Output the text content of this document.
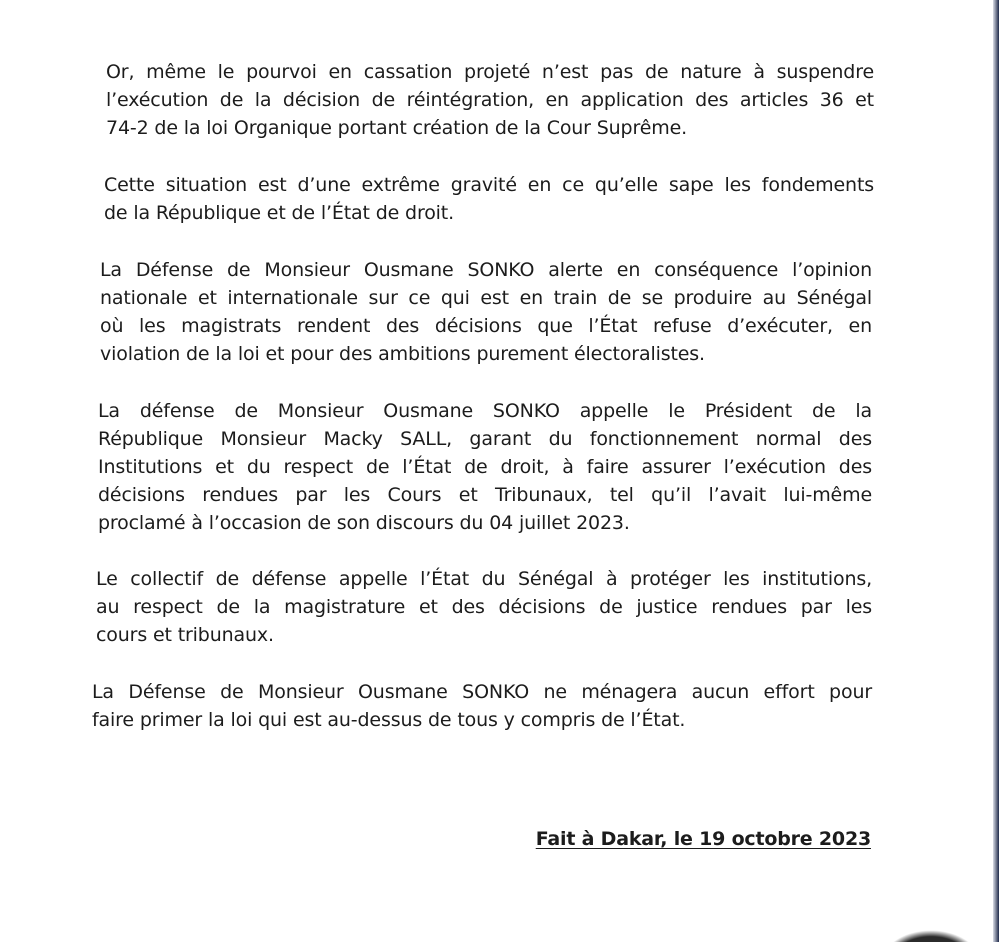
Or, même le pourvoi en cassation projeté n’est pas de nature à suspendre
l’exécution de la décision de réintégration, en application des articles 36 et
74-2 de la loi Organique portant création de la Cour Suprême.

Cette situation est d’une extrême gravité en ce qu’elle sape les fondements
de la République et de l’État de droit.

La Défense de Monsieur Ousmane SONKO alerte en conséquence l’opinion
nationale et internationale sur ce qui est en train de se produire au Sénégal
où les magistrats rendent des décisions que l’État refuse d’exécuter, en
violation de la loi et pour des ambitions purement électoralistes.

La défense de Monsieur Ousmane SONKO appelle le Président de la
République Monsieur Macky SALL, garant du fonctionnement normal des
Institutions et du respect de l’État de droit, à faire assurer l’exécution des
décisions rendues par les Cours et Tribunaux, tel qu’il l’avait lui-même
proclamé à l’occasion de son discours du 04 juillet 2023.

Le collectif de défense appelle l’État du Sénégal à protéger les institutions,
au respect de la magistrature et des décisions de justice rendues par les
cours et tribunaux.

La Défense de Monsieur Ousmane SONKO ne ménagera aucun effort pour
faire primer la loi qui est au-dessus de tous y compris de l’État.

Fait à Dakar, le 19 octobre 2023
